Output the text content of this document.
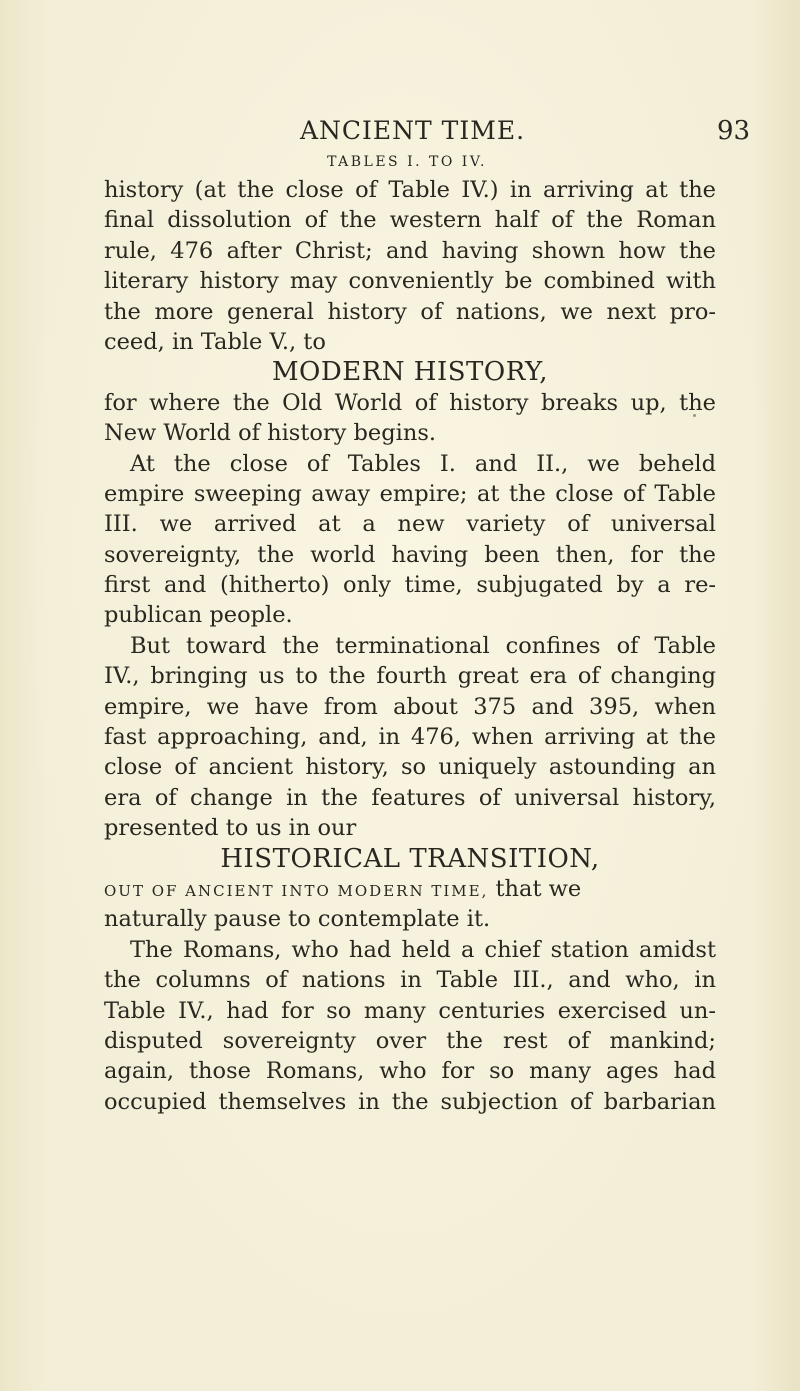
ANCIENT TIME.	93
TABLES I. TO IV.
history (at the close of Table IV.) in arriving at the
final dissolution of the western half of the Roman
rule, 476 after Christ; and having shown how the
literary history may conveniently be combined with
the more general history of nations, we next pro-
ceed, in Table V., to
MODERN HISTORY,
for where the Old World of history breaks up, the
New World of history begins.
At the close of Tables I. and II., we beheld
empire sweeping away empire; at the close of Table
III. we arrived at a new variety of universal
sovereignty, the world having been then, for the
first and (hitherto) only time, subjugated by a re-
publican people.
But toward the terminational confines of Table
IV., bringing us to the fourth great era of changing
empire, we have from about 375 and 395, when
fast approaching, and, in 476, when arriving at the
close of ancient history, so uniquely astounding an
era of change in the features of universal history,
presented to us in our
HISTORICAL TRANSITION,
OUT OF ANCIENT INTO MODERN TIME, that we
naturally pause to contemplate it.
The Romans, who had held a chief station amidst
the columns of nations in Table III., and who, in
Table IV., had for so many centuries exercised un-
disputed sovereignty over the rest of mankind;
again, those Romans, who for so many ages had
occupied themselves in the subjection of barbarian
